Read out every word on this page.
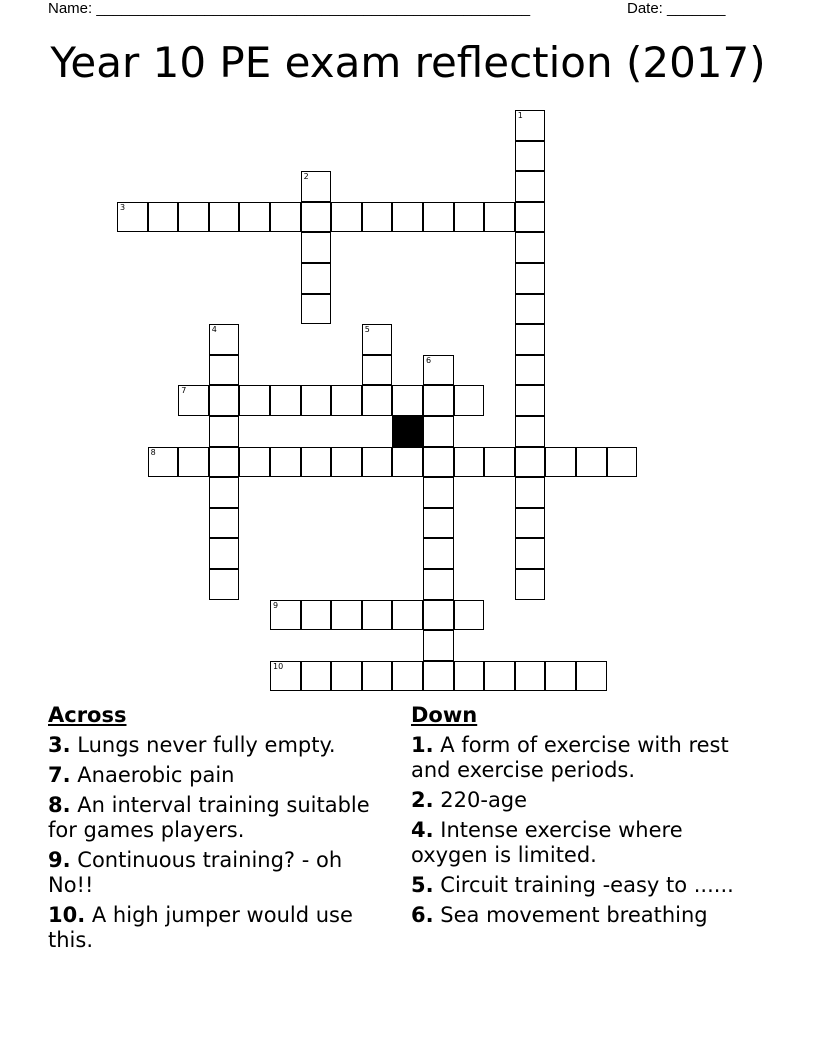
Name: ____________________________________________________	Date: _______
Year 10 PE exam reflection (2017)
1
2
3
4	5
6
7
8
9
10
Across
3. Lungs never fully empty.
7. Anaerobic pain
8. An interval training suitable for games players.
9. Continuous training? - oh No!!
10. A high jumper would use this.
Down
1. A form of exercise with rest and exercise periods.
2. 220-age
4. Intense exercise where oxygen is limited.
5. Circuit training -easy to ......
6. Sea movement breathing
